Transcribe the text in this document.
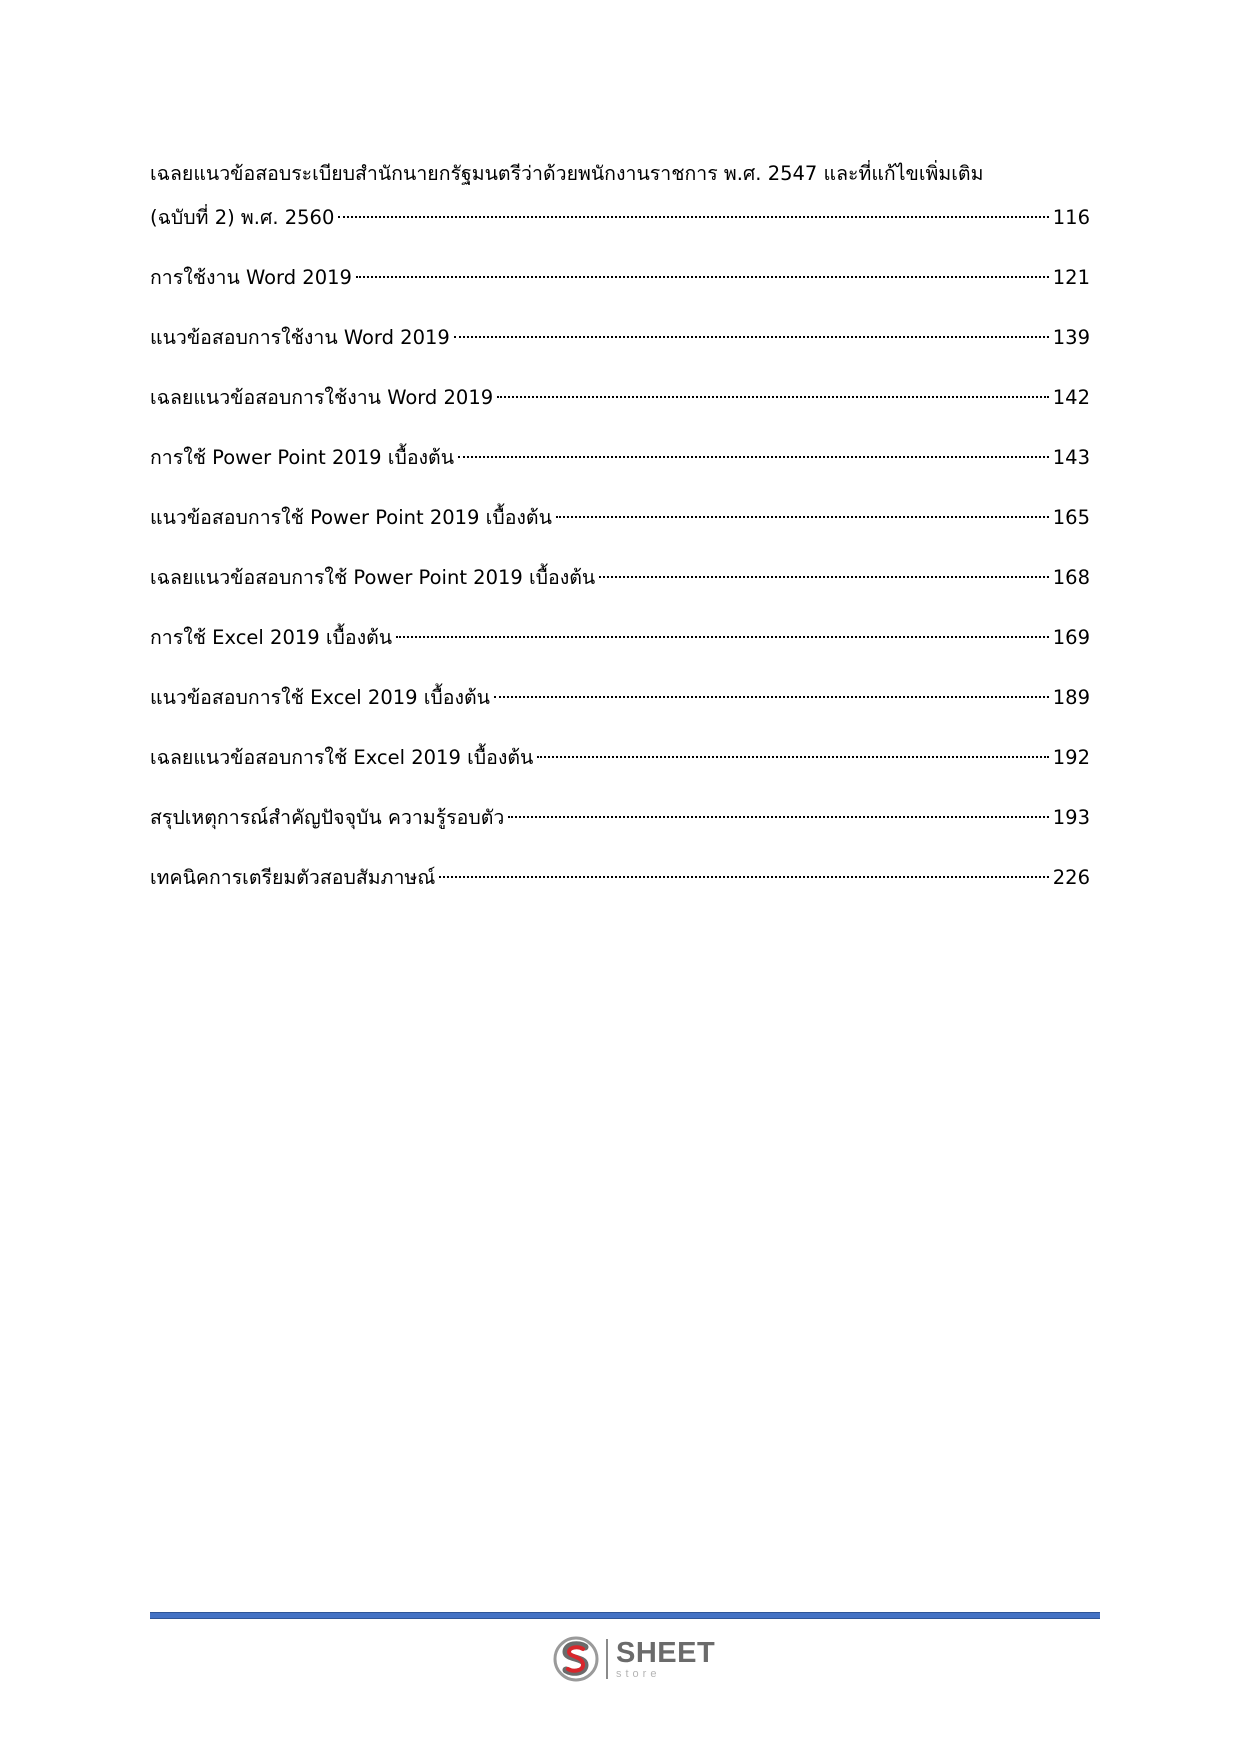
เฉลยแนวข้อสอบระเบียบสำนักนายกรัฐมนตรีว่าด้วยพนักงานราชการ พ.ศ. 2547 และที่แก้ไขเพิ่มเติม
(ฉบับที่ 2) พ.ศ. 2560	116
การใช้งาน Word 2019	121
แนวข้อสอบการใช้งาน Word 2019	139
เฉลยแนวข้อสอบการใช้งาน Word 2019	142
การใช้ Power Point 2019 เบื้องต้น	143
แนวข้อสอบการใช้ Power Point 2019 เบื้องต้น	165
เฉลยแนวข้อสอบการใช้ Power Point 2019 เบื้องต้น	168
การใช้ Excel 2019 เบื้องต้น	169
แนวข้อสอบการใช้ Excel 2019 เบื้องต้น	189
เฉลยแนวข้อสอบการใช้ Excel 2019 เบื้องต้น	192
สรุปเหตุการณ์สำคัญปัจจุบัน ความรู้รอบตัว	193
เทคนิคการเตรียมตัวสอบสัมภาษณ์	226
SHEET
store
